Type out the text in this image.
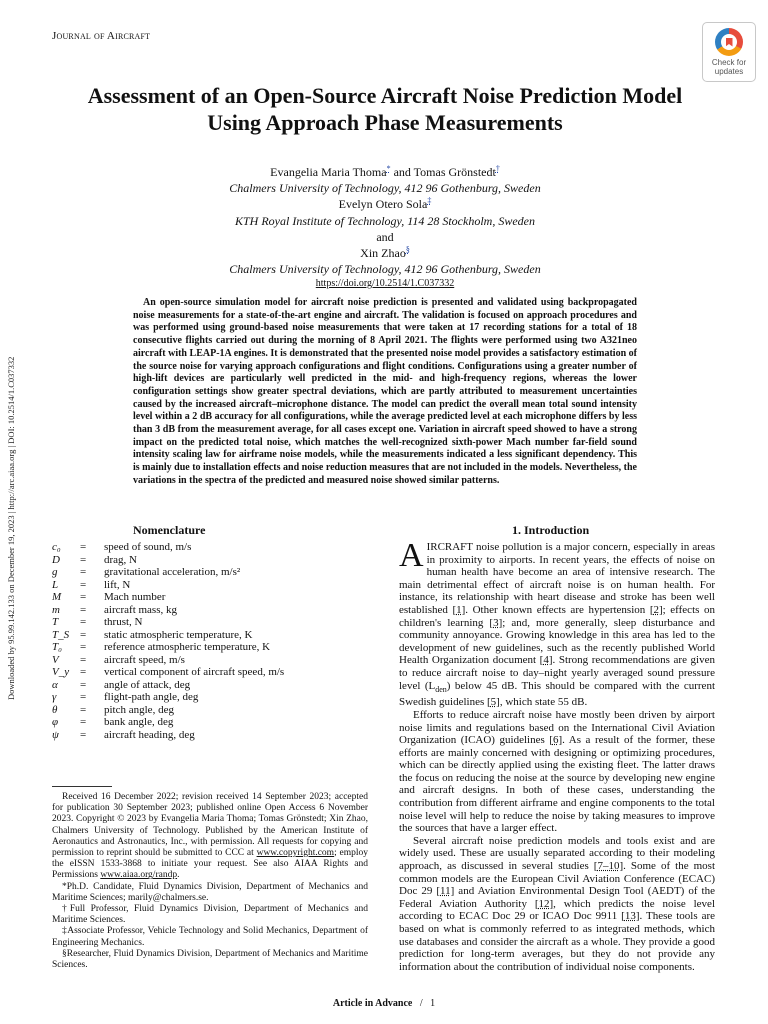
Journal of Aircraft
Check for
updates
Downloaded by 95.99.142.133 on December 19, 2023 | http://arc.aiaa.org | DOI: 10.2514/1.C037332
Assessment of an Open-Source Aircraft Noise Prediction Model
Using Approach Phase Measurements
Evangelia Maria Thoma* and Tomas Grönstedt†
Chalmers University of Technology, 412 96 Gothenburg, Sweden
Evelyn Otero Sola‡
KTH Royal Institute of Technology, 114 28 Stockholm, Sweden
and
Xin Zhao§
Chalmers University of Technology, 412 96 Gothenburg, Sweden
https://doi.org/10.2514/1.C037332
An open-source simulation model for aircraft noise prediction is presented and validated using backpropagated noise measurements for a state-of-the-art engine and aircraft. The validation is focused on approach procedures and was performed using ground-based noise measurements that were taken at 17 recording stations for a total of 18 consecutive flights carried out during the morning of 8 April 2021. The flights were performed using two A321neo aircraft with LEAP-1A engines. It is demonstrated that the presented noise model provides a satisfactory estimation of the source noise for varying approach configurations and flight conditions. Configurations using a greater number of high-lift devices are particularly well predicted in the mid- and high-frequency regions, whereas the lower configuration settings show greater spectral deviations, which are partly attributed to measurement uncertainties caused by the increased aircraft–microphone distance. The model can predict the overall mean total sound intensity level within a 2 dB accuracy for all configurations, while the average predicted level at each microphone differs by less than 3 dB from the measurement average, for all cases except one. Variation in aircraft speed showed to have a strong impact on the predicted total noise, which matches the well-recognized sixth-power Mach number far-field sound intensity scaling law for airframe noise models, while the measurements indicated a less significant dependency. This is mainly due to installation effects and noise reduction measures that are not included in the models. Nevertheless, the variations in the spectra of the predicted and measured noise showed similar patterns.
Nomenclature
c₀	=	speed of sound, m/s
D	=	drag, N
g	=	gravitational acceleration, m/s²
L	=	lift, N
M	=	Mach number
m	=	aircraft mass, kg
T	=	thrust, N
T_S =	static atmospheric temperature, K
T₀	=	reference atmospheric temperature, K
V	=	aircraft speed, m/s
V_y =	vertical component of aircraft speed, m/s
α	=	angle of attack, deg
γ	=	flight-path angle, deg
θ	=	pitch angle, deg
φ	=	bank angle, deg
ψ	=	aircraft heading, deg

Received 16 December 2022; revision received 14 September 2023; accepted for publication 30 September 2023; published online Open Access 6 November 2023. Copyright © 2023 by Evangelia Maria Thoma; Tomas Grönstedt; Xin Zhao, Chalmers University of Technology. Published by the American Institute of Aeronautics and Astronautics, Inc., with permission. All requests for copying and permission to reprint should be submitted to CCC at www.copyright.com; employ the eISSN 1533-3868 to initiate your request. See also AIAA Rights and Permissions www.aiaa.org/randp.

*Ph.D. Candidate, Fluid Dynamics Division, Department of Mechanics and Maritime Sciences; marily@chalmers.se.

†Full Professor, Fluid Dynamics Division, Department of Mechanics and Maritime Sciences.

‡Associate Professor, Vehicle Technology and Solid Mechanics, Department of Engineering Mechanics.

§Researcher, Fluid Dynamics Division, Department of Mechanics and Maritime Sciences.

1. Introduction

AIRCRAFT noise pollution is a major concern, especially in areas in proximity to airports. In recent years, the effects of noise on human health have become an area of intensive research. The main detrimental effect of aircraft noise is on human health. For instance, its relationship with heart disease and stroke has been well established [1]. Other known effects are hypertension [2]; effects on children's learning [3]; and, more generally, sleep disturbance and community annoyance. Growing knowledge in this area has led to the development of new guidelines, such as the recently published World Health Organization document [4]. Strong recommendations are given to reduce aircraft noise to day–night yearly averaged sound pressure level $(L_{den})$ below 45 dB. This should be compared with the current Swedish guidelines [5], which state 55 dB.

Efforts to reduce aircraft noise have mostly been driven by airport noise limits and regulations based on the International Civil Aviation Organization (ICAO) guidelines [6]. As a result of the former, these efforts are mainly concerned with designing or optimizing procedures, which can be directly applied using the existing fleet. The latter draws the focus on reducing the noise at the source by developing new engine and aircraft designs. In both of these cases, understanding the contribution from different airframe and engine components to the total noise level will help to reduce the noise by taking measures to improve the sources that have a larger effect.

Several aircraft noise prediction models and tools exist and are widely used. These are usually separated according to their modeling approach, as discussed in several studies [7–10]. Some of the most common models are the European Civil Aviation Conference (ECAC) Doc 29 [11] and Aviation Environmental Design Tool (AEDT) of the Federal Aviation Authority [12], which predicts the noise level according to ECAC Doc 29 or ICAO Doc 9911 [13]. These tools are based on what is commonly referred to as integrated methods, which use databases and consider the aircraft as a whole. They provide a good prediction for long-term averages, but they do not provide any information about the contribution of individual noise components.

Article in Advance / 1
